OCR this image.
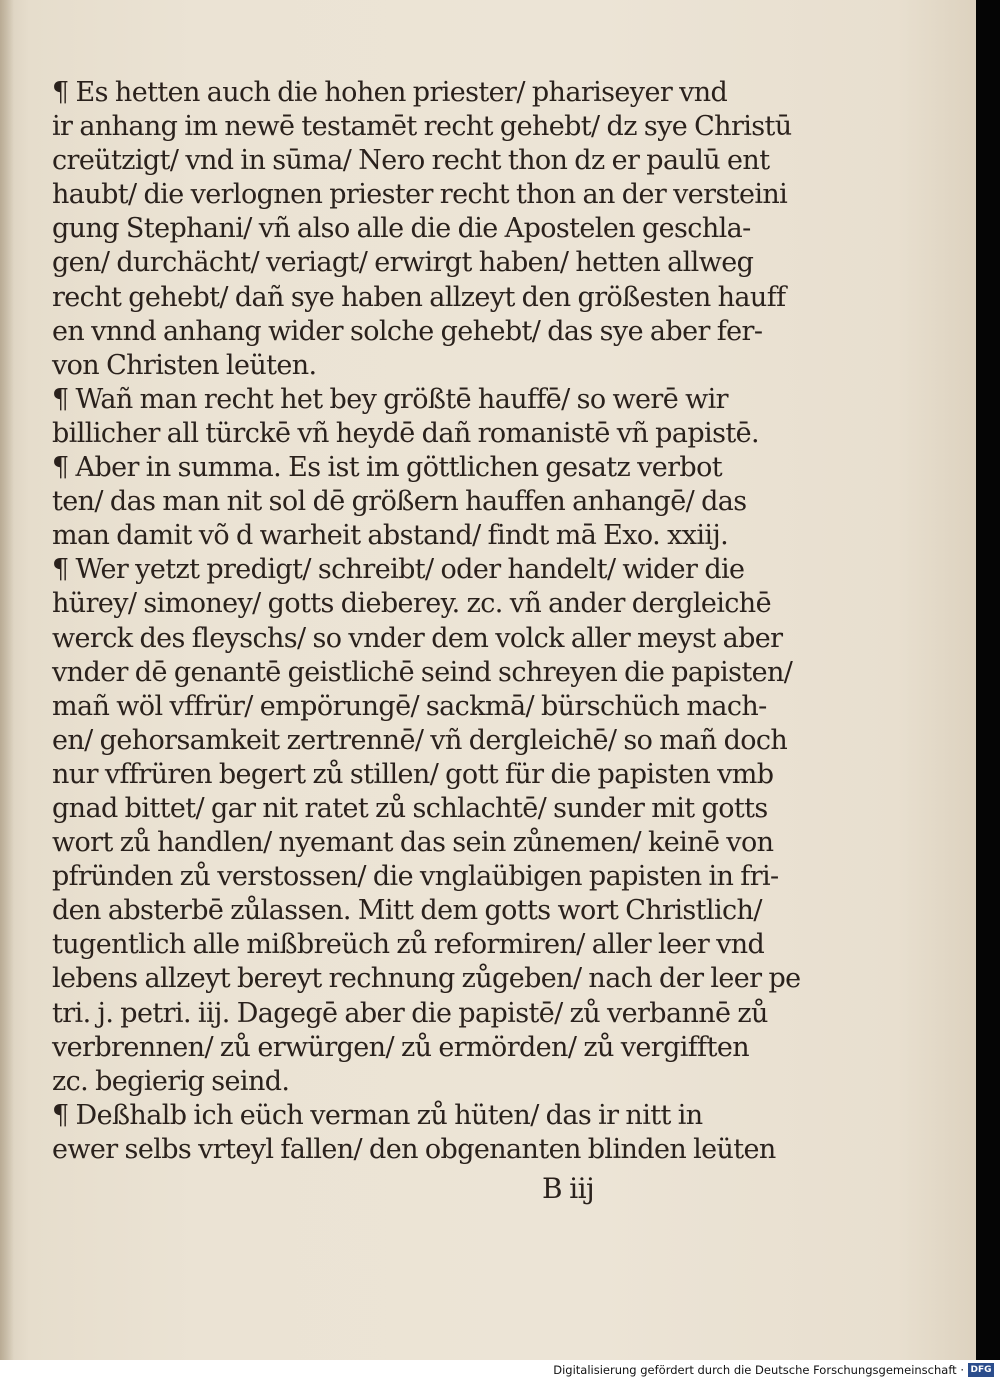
¶ Es hetten auch die hohen priester/ phariseyer vnd
ir anhang im newē testamēt recht gehebt/ dz sye Christū
creützigt/ vnd in sūma/ Nero recht thon dz er paulū ent
haubt/ die verlognen priester recht thon an der versteini
gung Stephani/ vñ also alle die die Apostelen geschla-
gen/ durchächt/ veriagt/ erwirgt haben/ hetten allweg
recht gehebt/ dañ sye haben allzeyt den größesten hauff
en vnnd anhang wider solche gehebt/ das sye aber fer-
von Christen leüten.
¶ Wañ man recht het bey größtē hauffē/ so werē wir
billicher all türckē vñ heydē dañ romanistē vñ papistē.
¶ Aber in summa. Es ist im göttlichen gesatz verbot
ten/ das man nit sol dē größern hauffen anhangē/ das
man damit võ d warheit abstand/ findt mā Exo. xxiij.
¶ Wer yetzt predigt/ schreibt/ oder handelt/ wider die
hürey/ simoney/ gotts dieberey. zc. vñ ander dergleichē
werck des fleyschs/ so vnder dem volck aller meyst aber
vnder dē genantē geistlichē seind schreyen die papisten/
mañ wöl vffrür/ empörungē/ sackmā/ bürschüch mach-
en/ gehorsamkeit zertrennē/ vñ dergleichē/ so mañ doch
nur vffrüren begert zů stillen/ gott für die papisten vmb
gnad bittet/ gar nit ratet zů schlachtē/ sunder mit gotts
wort zů handlen/ nyemant das sein zůnemen/ keinē von
pfründen zů verstossen/ die vnglaübigen papisten in fri-
den absterbē zůlassen. Mitt dem gotts wort Christlich/
tugentlich alle mißbreüch zů reformiren/ aller leer vnd
lebens allzeyt bereyt rechnung zůgeben/ nach der leer pe
tri. j. petri. iij. Dagegē aber die papistē/ zů verbannē zů
verbrennen/ zů erwürgen/ zů ermörden/ zů vergifften
zc. begierig seind.
¶ Deßhalb ich eüch verman zů hüten/ das ir nitt in
ewer selbs vrteyl fallen/ den obgenanten blinden leüten
B iij
Digitalisierung gefördert durch die Deutsche Forschungsgemeinschaft · DFG
